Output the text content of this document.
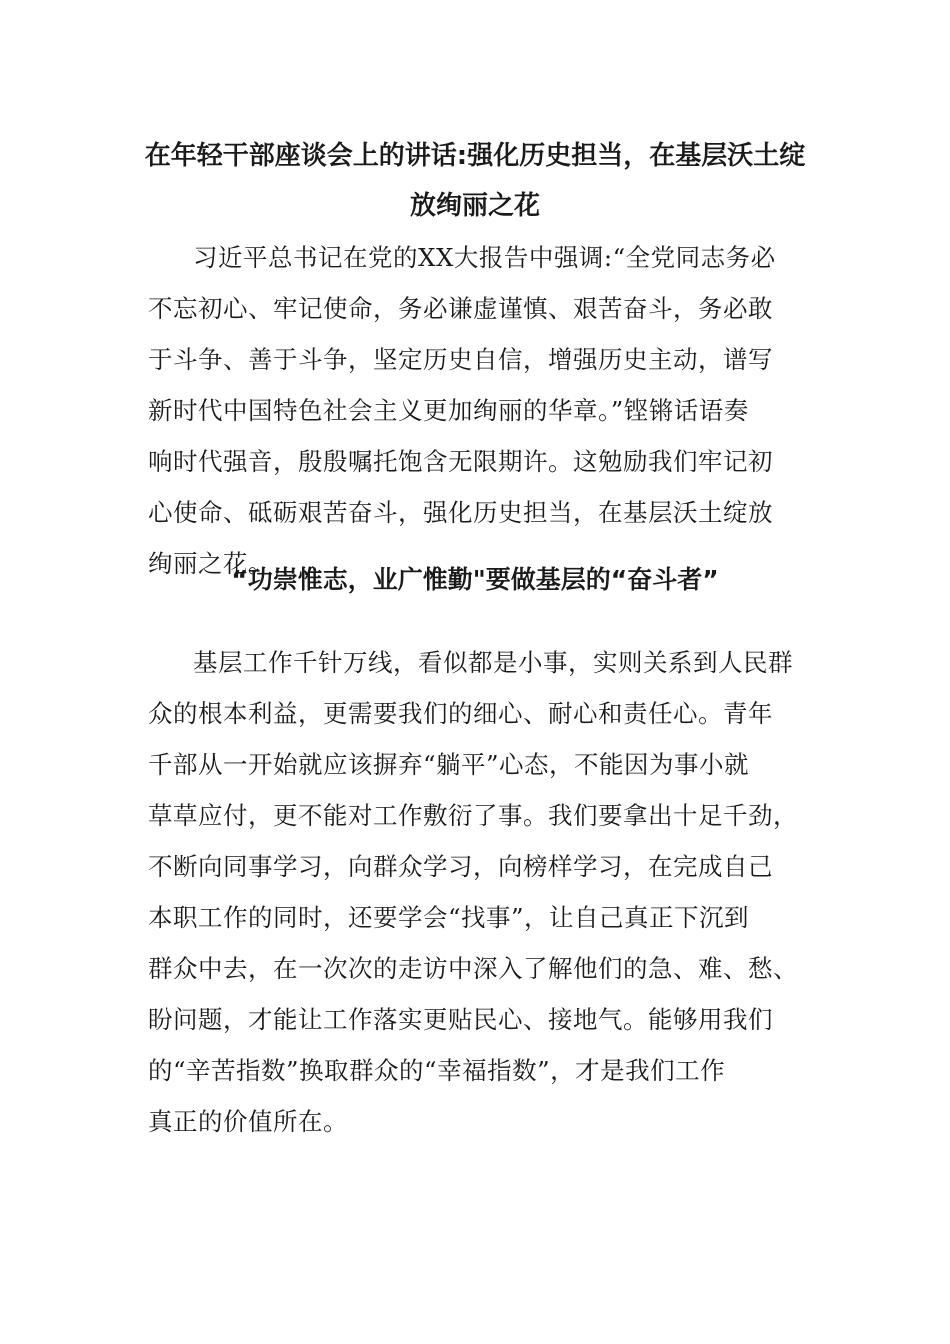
在年轻干部座谈会上的讲话:强化历史担当，在基层沃土绽
放绚丽之花
习近平总书记在党的XX大报告中强调:“全党同志务必
不忘初心、牢记使命，务必谦虚谨慎、艰苦奋斗，务必敢
于斗争、善于斗争，坚定历史自信，增强历史主动，谱写
新时代中国特色社会主义更加绚丽的华章。”铿锵话语奏
响时代强音，殷殷嘱托饱含无限期许。这勉励我们牢记初
心使命、砥砺艰苦奋斗，强化历史担当，在基层沃土绽放
绚丽之花。
“功崇惟志，业广惟勤"要做基层的“奋斗者”
基层工作千针万线，看似都是小事，实则关系到人民群
众的根本利益，更需要我们的细心、耐心和责任心。青年
千部从一开始就应该摒弃“躺平”心态，不能因为事小就
草草应付，更不能对工作敷衍了事。我们要拿出十足千劲，
不断向同事学习，向群众学习，向榜样学习，在完成自己
本职工作的同时，还要学会“找事”，让自己真正下沉到
群众中去，在一次次的走访中深入了解他们的急、难、愁、
盼问题，才能让工作落实更贴民心、接地气。能够用我们
的“辛苦指数”换取群众的“幸福指数”，才是我们工作
真正的价值所在。
